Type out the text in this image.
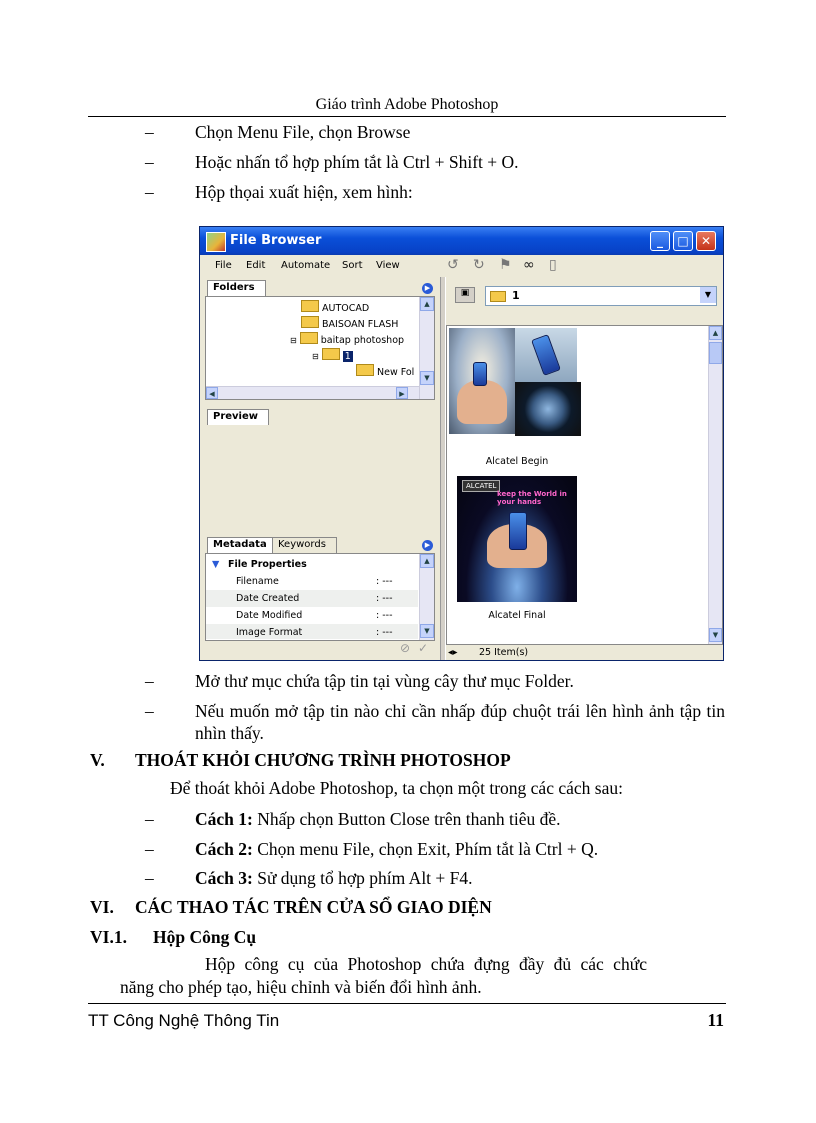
Giáo trình Adobe Photoshop
–	Chọn Menu File, chọn Browse
–	Hoặc nhấn tổ hợp phím tắt là Ctrl + Shift + O.
–	Hộp thọai xuất hiện, xem hình:
File Browser	_	□	✕
File Edit Automate Sort View	↺ ↻ ⚑ ∞ ▯
Folders	▶
AUTOCAD
BAISOAN FLASH
⊟	baitap photoshop
⊟	1
New Fol
▲
▼
◀	▶
Preview
Metadata	Keywords	▶
▼ File Properties
Filename	: ---
Date Created	: ---
Date Modified	: ---
Image Format	: ---
▲
▼
⊘ ✓
▣	1	▼
Alcatel Begin
ALCATEL
keep the World in your hands
Alcatel Final
▲
▼
◂▸ 25 Item(s)
–	Mở thư mục chứa tập tin tại vùng cây thư mục Folder.
–	Nếu muốn mở tập tin nào chỉ cần nhấp đúp chuột trái lên hình ảnh tập tin nhìn thấy.
V. THOÁT KHỎI CHƯƠNG TRÌNH PHOTOSHOP
Để thoát khỏi Adobe Photoshop, ta chọn một trong các cách sau:
–	Cách 1: Nhấp chọn Button Close trên thanh tiêu đề.
–	Cách 2: Chọn menu File, chọn Exit, Phím tắt là Ctrl + Q.
–	Cách 3: Sử dụng tổ hợp phím Alt + F4.
VI. CÁC THAO TÁC TRÊN CỬA SỔ GIAO DIỆN
VI.1. Hộp Công Cụ
Hộp công cụ của Photoshop chứa đựng đầy đủ các chức
năng cho phép tạo, hiệu chỉnh và biến đổi hình ảnh.
TT Công Nghệ Thông Tin	11
